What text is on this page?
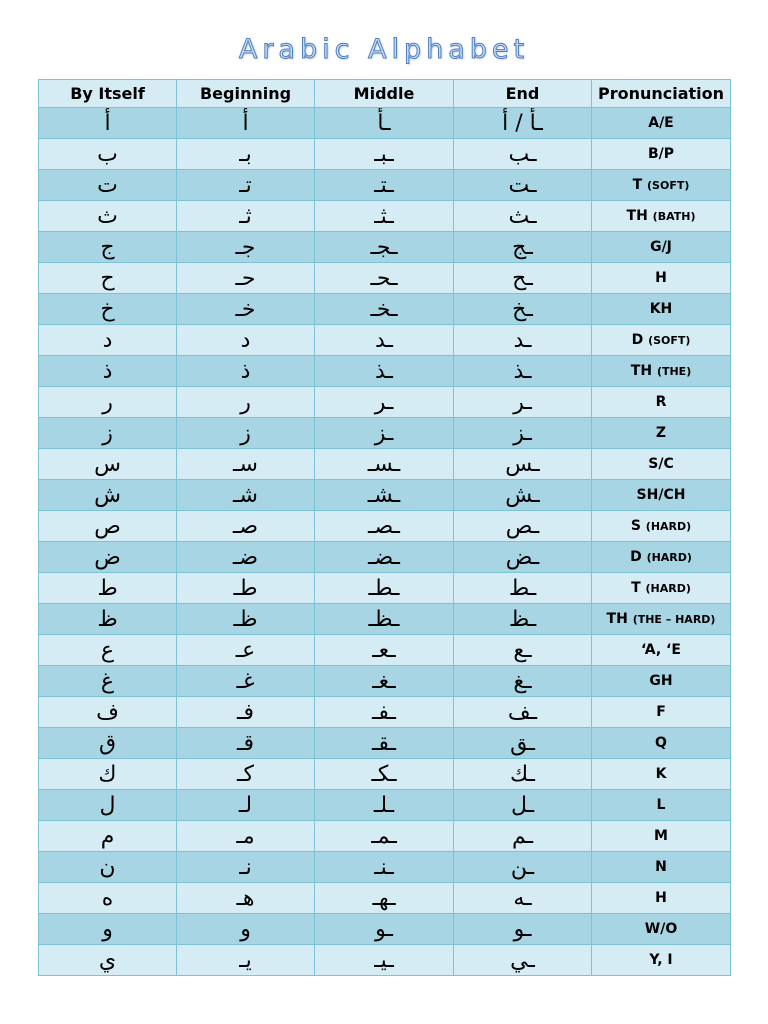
Arabic Alphabet
By Itself	Beginning	Middle	End	Pronunciation
أ	أ	ـأ	ـأ / أ	A/E
ب	بـ	ـبـ	ـب	B/P
ت	تـ	ـتـ	ـت	T (SOFT)
ث	ثـ	ـثـ	ـث	TH (BATH)
ج	جـ	ـجـ	ـج	G/J
ح	حـ	ـحـ	ـح	H
خ	خـ	ـخـ	ـخ	KH
د	د	ـد	ـد	D (SOFT)
ذ	ذ	ـذ	ـذ	TH (THE)
ر	ر	ـر	ـر	R
ز	ز	ـز	ـز	Z
س	سـ	ـسـ	ـس	S/C
ش	شـ	ـشـ	ـش	SH/CH
ص	صـ	ـصـ	ـص	S (HARD)
ض	ضـ	ـضـ	ـض	D (HARD)
ط	طـ	ـطـ	ـط	T (HARD)
ظ	ظـ	ـظـ	ـظ	TH (THE – HARD)
ع	عـ	ـعـ	ـع	‘A, ‘E
غ	غـ	ـغـ	ـغ	GH
ف	فـ	ـفـ	ـف	F
ق	قـ	ـقـ	ـق	Q
ك	كـ	ـكـ	ـك	K
ل	لـ	ـلـ	ـل	L
م	مـ	ـمـ	ـم	M
ن	نـ	ـنـ	ـن	N
ه	هـ	ـهـ	ـه	H
و	و	ـو	ـو	W/O
ي	يـ	ـيـ	ـي	Y, I
